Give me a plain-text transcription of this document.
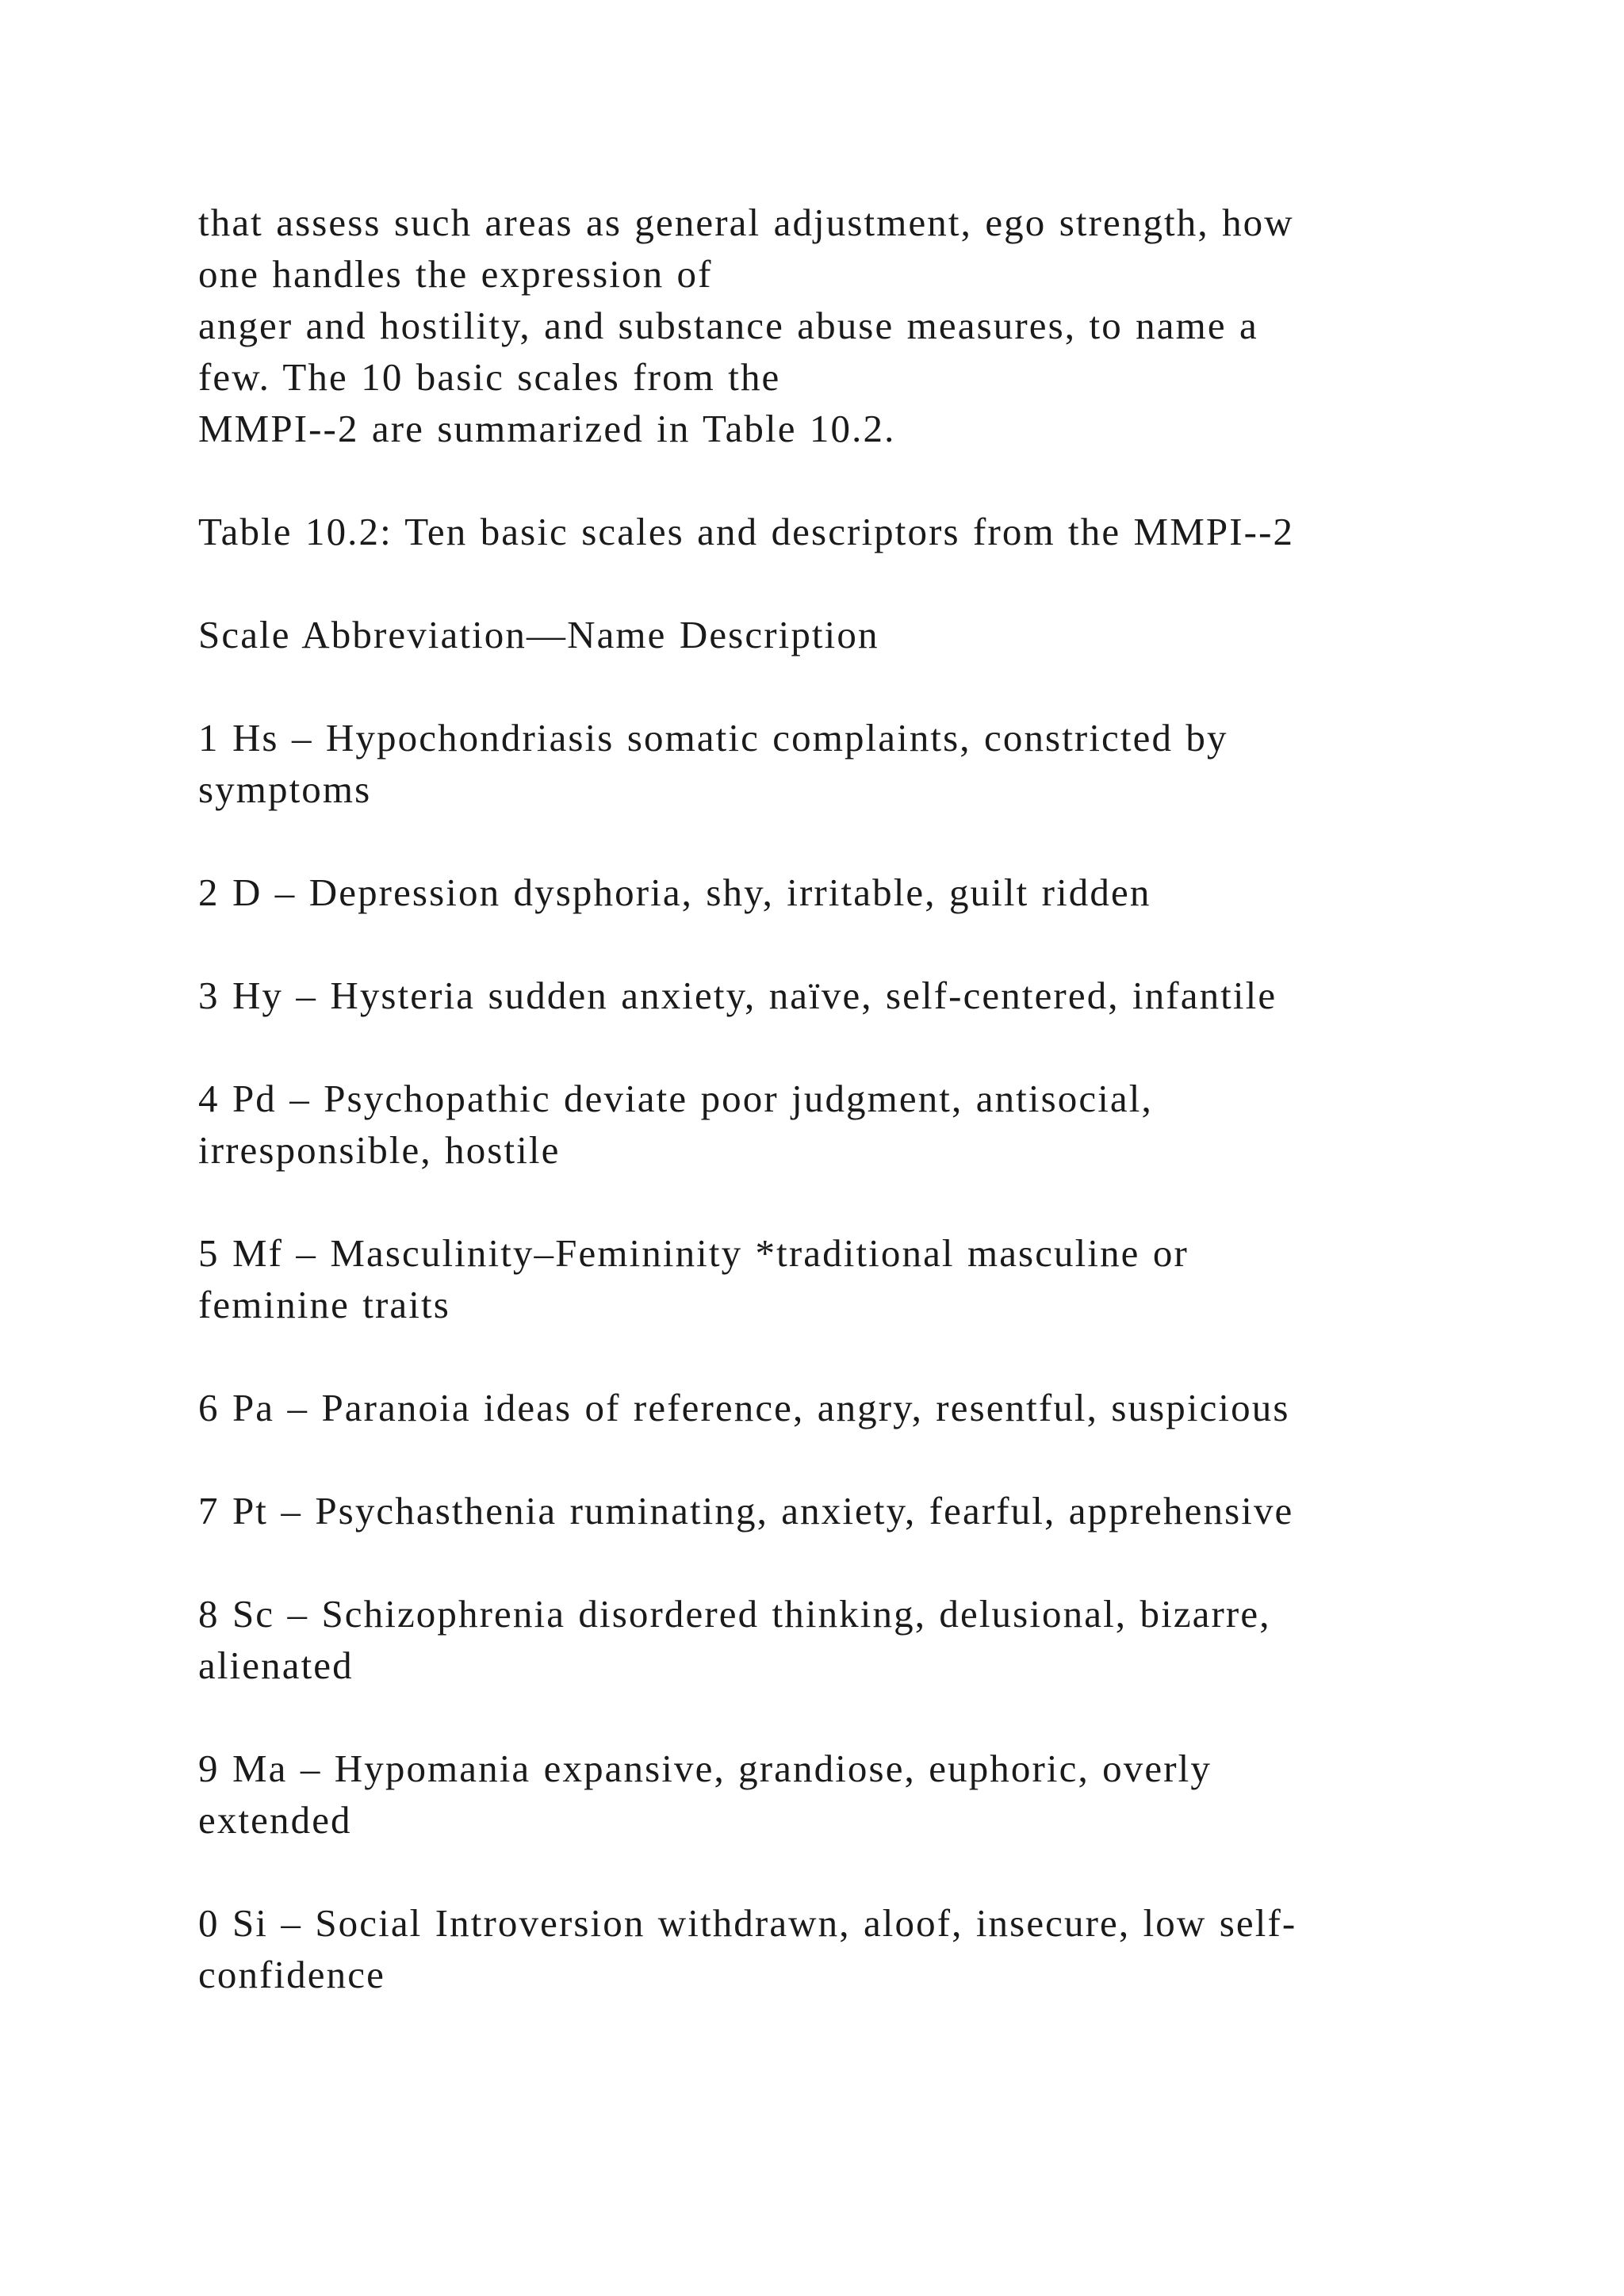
that assess such areas as general adjustment, ego strength, how
one handles the expression of
anger and hostility, and substance abuse measures, to name a
few. The 10 basic scales from the
MMPI--2 are summarized in Table 10.2.
Table 10.2: Ten basic scales and descriptors from the MMPI--2
Scale Abbreviation—Name Description
1 Hs – Hypochondriasis somatic complaints, constricted by
symptoms
2 D – Depression dysphoria, shy, irritable, guilt ridden
3 Hy – Hysteria sudden anxiety, naïve, self-centered, infantile
4 Pd – Psychopathic deviate poor judgment, antisocial,
irresponsible, hostile
5 Mf – Masculinity–Femininity *traditional masculine or
feminine traits
6 Pa – Paranoia ideas of reference, angry, resentful, suspicious
7 Pt – Psychasthenia ruminating, anxiety, fearful, apprehensive
8 Sc – Schizophrenia disordered thinking, delusional, bizarre,
alienated
9 Ma – Hypomania expansive, grandiose, euphoric, overly
extended
0 Si – Social Introversion withdrawn, aloof, insecure, low self-
confidence
